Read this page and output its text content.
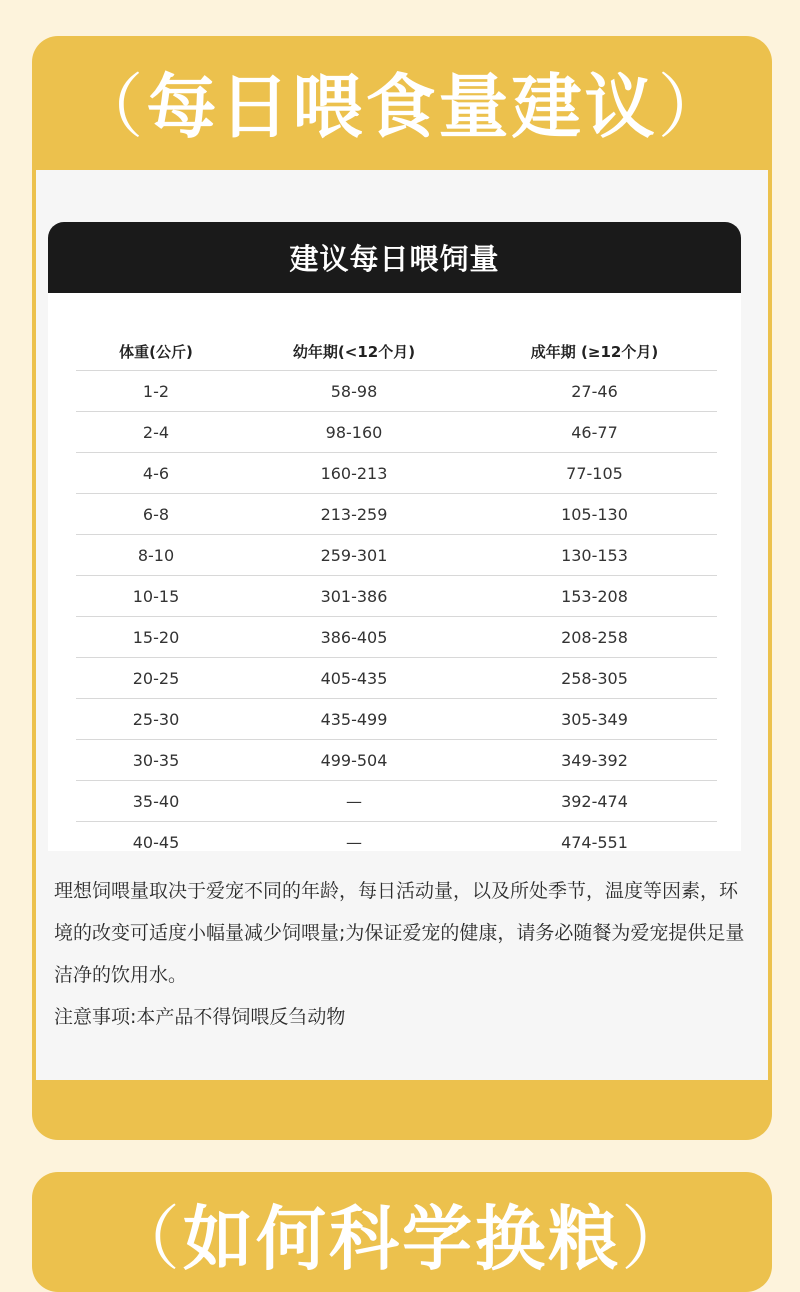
（每日喂食量建议）
建议每日喂饲量
体重(公斤)	幼年期(<12个月)	成年期 (≥12个月)
1-2	58-98	27-46
2-4	98-160	46-77
4-6	160-213	77-105
6-8	213-259	105-130
8-10	259-301	130-153
10-15	301-386	153-208
15-20	386-405	208-258
20-25	405-435	258-305
25-30	435-499	305-349
30-35	499-504	349-392
35-40	—	392-474
40-45	—	474-551

理想饲喂量取决于爱宠不同的年龄，每日活动量，以及所处季节，温度等因素，环境的改变可适度小幅量减少饲喂量;为保证爱宠的健康，请务必随餐为爱宠提供足量洁净的饮用水。

注意事项:本产品不得饲喂反刍动物

（如何科学换粮）
